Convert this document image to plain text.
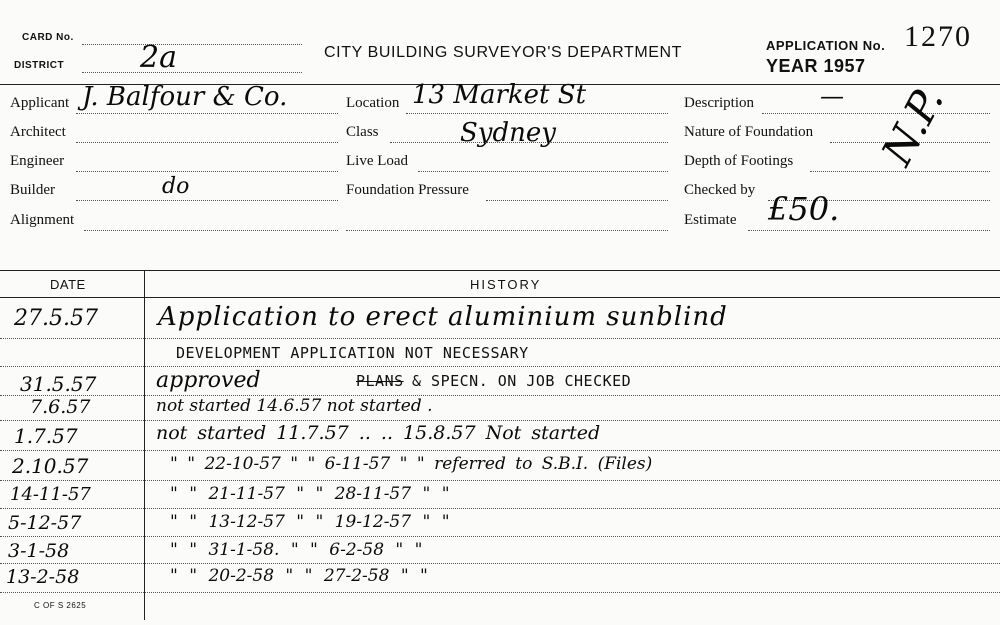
CARD No.
DISTRICT	2a	CITY BUILDING SURVEYOR'S DEPARTMENT	APPLICATION No. 1270
YEAR 1957
Applicant J. Balfour & Co.
Architect
Engineer
Builder	do
Alignment
Location 13 Market St
Class	Sydney
Live Load
Foundation Pressure
Description	—
Nature of Foundation
Depth of Footings
Checked by
Estimate £50.
N.P.
DATE	HISTORY
27.5.57 Application to erect aluminium sunblind
DEVELOPMENT APPLICATION NOT NECESSARY
31.5.57	approved	PLANS & SPECN. ON JOB CHECKED
7.6.57	not started 14.6.57 not started .
1.7.57	not started 11.7.57 .. .. 15.8.57 Not started
2.10.57	" " 22-10-57 " " 6-11-57 " " referred to S.B.I. (Files)
14-11-57	" " 21-11-57 " " 28-11-57 " "
5-12-57	" " 13-12-57 " " 19-12-57 " "
3-1-58	" " 31-1-58. " " 6-2-58 " "
13-2-58	" " 20-2-58 " " 27-2-58 " "
C OF S 2625
